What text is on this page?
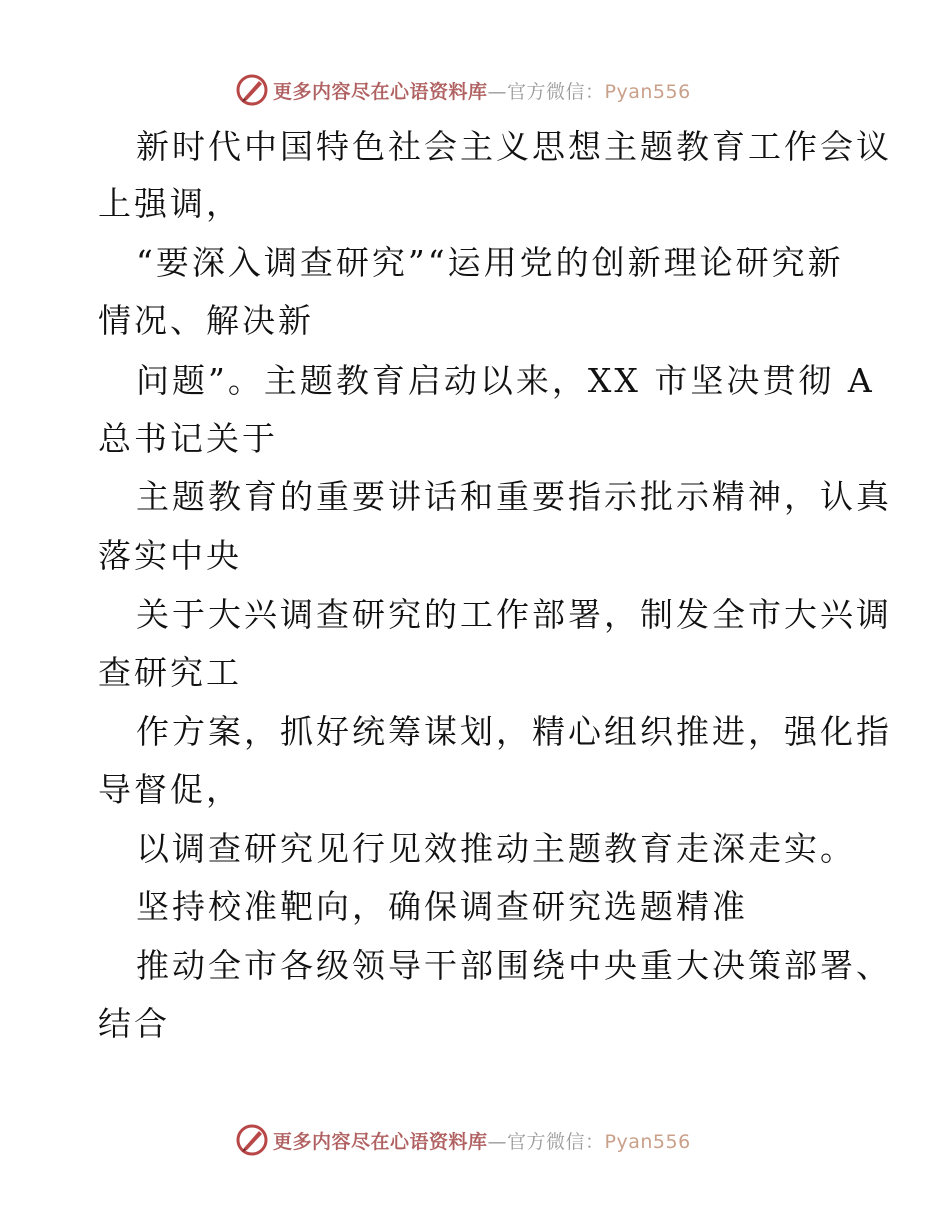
更多内容尽在心语资料库—官方微信：Pyan556
新时代中国特色社会主义思想主题教育工作会议
上强调，
“要深入调查研究”“运用党的创新理论研究新
情况、解决新
问题”。主题教育启动以来，XX 市坚决贯彻 A
总书记关于
主题教育的重要讲话和重要指示批示精神，认真
落实中央
关于大兴调查研究的工作部署，制发全市大兴调
查研究工
作方案，抓好统筹谋划，精心组织推进，强化指
导督促，
以调查研究见行见效推动主题教育走深走实。
坚持校准靶向，确保调查研究选题精准
推动全市各级领导干部围绕中央重大决策部署、
结合
更多内容尽在心语资料库—官方微信：Pyan556
